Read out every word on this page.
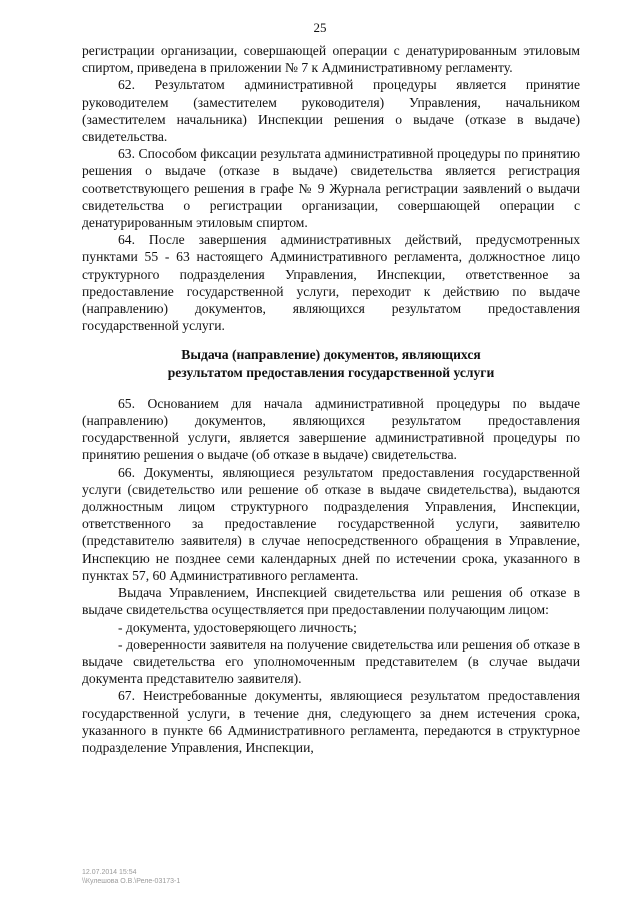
25

регистрации организации, совершающей операции с денатурированным этиловым спиртом, приведена в приложении № 7 к Административному регламенту.

62. Результатом административной процедуры является принятие руководителем (заместителем руководителя) Управления, начальником (заместителем начальника) Инспекции решения о выдаче (отказе в выдаче) свидетельства.

63. Способом фиксации результата административной процедуры по принятию решения о выдаче (отказе в выдаче) свидетельства является регистрация соответствующего решения в графе № 9 Журнала регистрации заявлений о выдачи свидетельства о регистрации организации, совершающей операции с денатурированным этиловым спиртом.

64. После завершения административных действий, предусмотренных пунктами 55 - 63 настоящего Административного регламента, должностное лицо структурного подразделения Управления, Инспекции, ответственное за предоставление государственной услуги, переходит к действию по выдаче (направлению) документов, являющихся результатом предоставления государственной услуги.

Выдача (направление) документов, являющихся
результатом предоставления государственной услуги

65. Основанием для начала административной процедуры по выдаче (направлению) документов, являющихся результатом предоставления государственной услуги, является завершение административной процедуры по принятию решения о выдаче (об отказе в выдаче) свидетельства.

66. Документы, являющиеся результатом предоставления государственной услуги (свидетельство или решение об отказе в выдаче свидетельства), выдаются должностным лицом структурного подразделения Управления, Инспекции, ответственного за предоставление государственной услуги, заявителю (представителю заявителя) в случае непосредственного обращения в Управление, Инспекцию не позднее семи календарных дней по истечении срока, указанного в пунктах 57, 60 Административного регламента.

Выдача Управлением, Инспекцией свидетельства или решения об отказе в выдаче свидетельства осуществляется при предоставлении получающим лицом:

- документа, удостоверяющего личность;

- доверенности заявителя на получение свидетельства или решения об отказе в выдаче свидетельства его уполномоченным представителем (в случае выдачи документа представителю заявителя).

67. Неистребованные документы, являющиеся результатом предоставления государственной услуги, в течение дня, следующего за днем истечения срока, указанного в пункте 66 Административного регламента, передаются в структурное подразделение Управления, Инспекции,

12.07.2014 15:54
\\Кулешова О.В.\Реле-03173-1
